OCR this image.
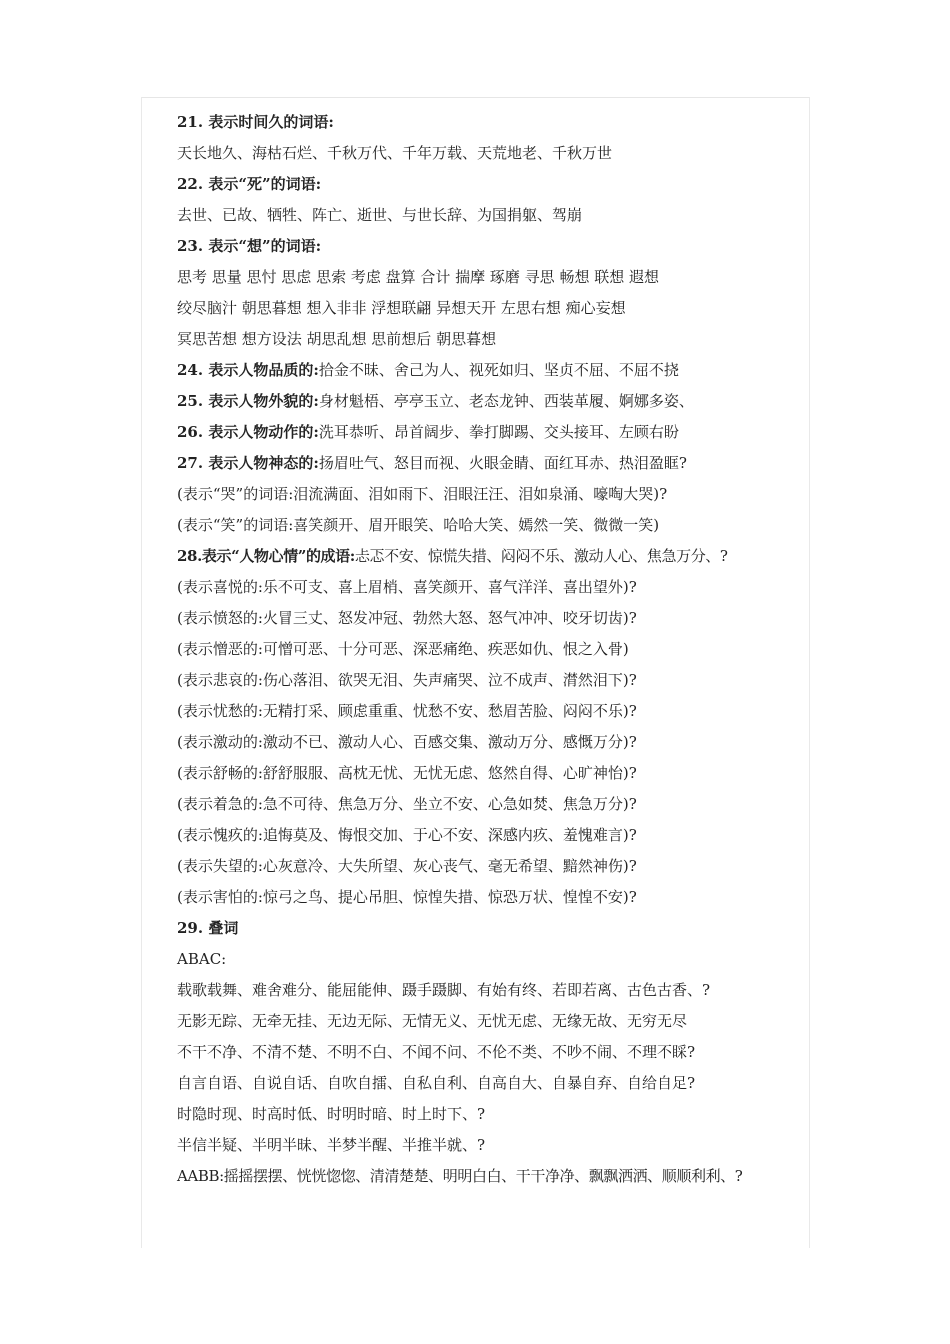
21. 表示时间久的词语:
天长地久、海枯石烂、千秋万代、千年万载、天荒地老、千秋万世
22. 表示“死”的词语:
去世、已故、牺牲、阵亡、逝世、与世长辞、为国捐躯、驾崩
23. 表示“想”的词语:
思考 思量 思忖 思虑 思索 考虑 盘算 合计 揣摩 琢磨 寻思 畅想 联想 遐想
绞尽脑汁 朝思暮想 想入非非 浮想联翩 异想天开 左思右想 痴心妄想
冥思苦想 想方设法 胡思乱想 思前想后 朝思暮想
24. 表示人物品质的:拾金不昧、舍己为人、视死如归、坚贞不屈、不屈不挠
25. 表示人物外貌的:身材魁梧、亭亭玉立、老态龙钟、西装革履、婀娜多姿、
26. 表示人物动作的:洗耳恭听、昂首阔步、拳打脚踢、交头接耳、左顾右盼
27. 表示人物神态的:扬眉吐气、怒目而视、火眼金睛、面红耳赤、热泪盈眶?
(表示“哭”的词语:泪流满面、泪如雨下、泪眼汪汪、泪如泉涌、嚎啕大哭)?
(表示“笑”的词语:喜笑颜开、眉开眼笑、哈哈大笑、嫣然一笑、微微一笑)
28.表示“人物心情”的成语:忐忑不安、惊慌失措、闷闷不乐、激动人心、焦急万分、?
(表示喜悦的:乐不可支、喜上眉梢、喜笑颜开、喜气洋洋、喜出望外)?
(表示愤怒的:火冒三丈、怒发冲冠、勃然大怒、怒气冲冲、咬牙切齿)?
(表示憎恶的:可憎可恶、十分可恶、深恶痛绝、疾恶如仇、恨之入骨)
(表示悲哀的:伤心落泪、欲哭无泪、失声痛哭、泣不成声、潸然泪下)?
(表示忧愁的:无精打采、顾虑重重、忧愁不安、愁眉苦脸、闷闷不乐)?
(表示激动的:激动不已、激动人心、百感交集、激动万分、感慨万分)?
(表示舒畅的:舒舒服服、高枕无忧、无忧无虑、悠然自得、心旷神怡)?
(表示着急的:急不可待、焦急万分、坐立不安、心急如焚、焦急万分)?
(表示愧疚的:追悔莫及、悔恨交加、于心不安、深感内疚、羞愧难言)?
(表示失望的:心灰意冷、大失所望、灰心丧气、毫无希望、黯然神伤)?
(表示害怕的:惊弓之鸟、提心吊胆、惊惶失措、惊恐万状、惶惶不安)?
29. 叠词
ABAC:
载歌载舞、难舍难分、能屈能伸、蹑手蹑脚、有始有终、若即若离、古色古香、?
无影无踪、无牵无挂、无边无际、无情无义、无忧无虑、无缘无故、无穷无尽
不干不净、不清不楚、不明不白、不闻不问、不伦不类、不吵不闹、不理不睬?
自言自语、自说自话、自吹自擂、自私自利、自高自大、自暴自弃、自给自足?
时隐时现、时高时低、时明时暗、时上时下、?
半信半疑、半明半昧、半梦半醒、半推半就、?
AABB:摇摇摆摆、恍恍惚惚、清清楚楚、明明白白、干干净净、飘飘洒洒、顺顺利利、?
